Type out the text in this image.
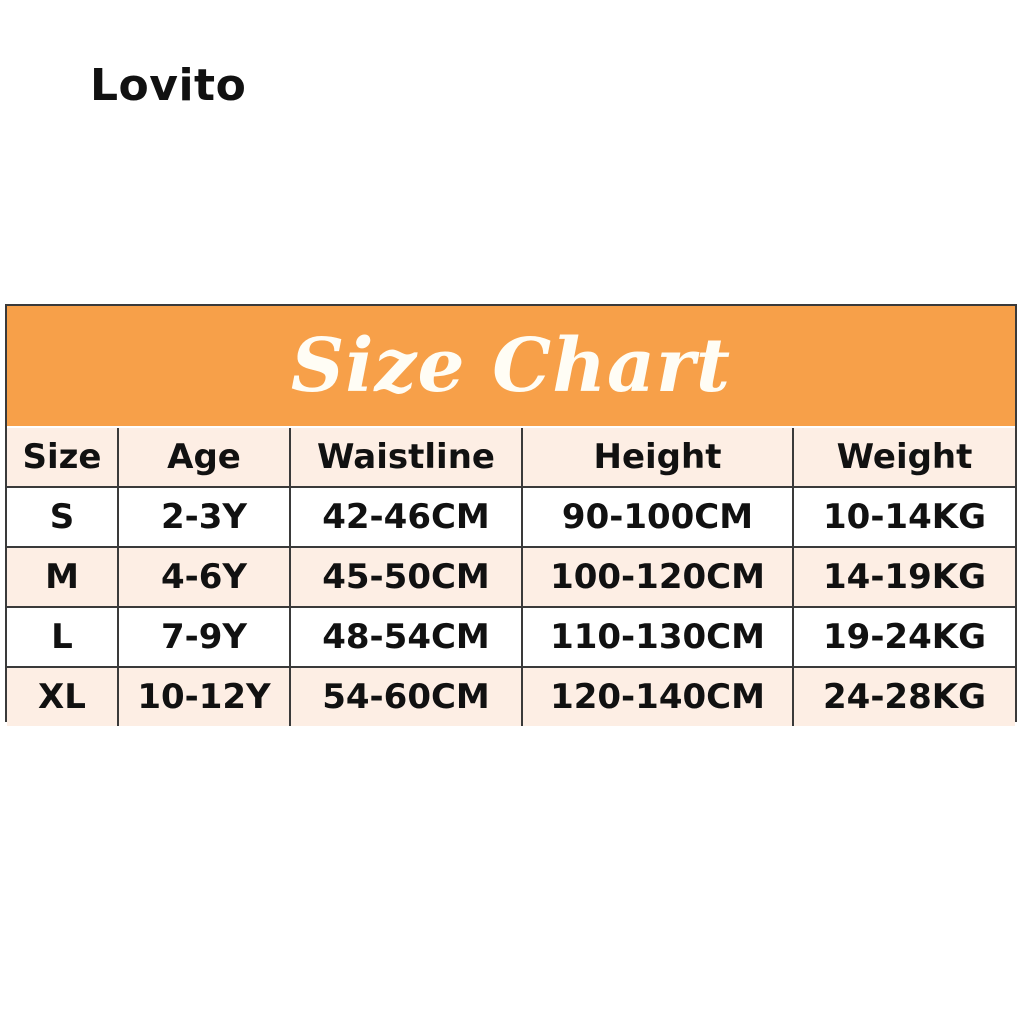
Lovito
Size Chart
Size	Age	Waistline	Height	Weight
S	2-3Y	42-46CM	90-100CM	10-14KG
M	4-6Y	45-50CM	100-120CM	14-19KG
L	7-9Y	48-54CM	110-130CM	19-24KG
XL	10-12Y	54-60CM	120-140CM	24-28KG
